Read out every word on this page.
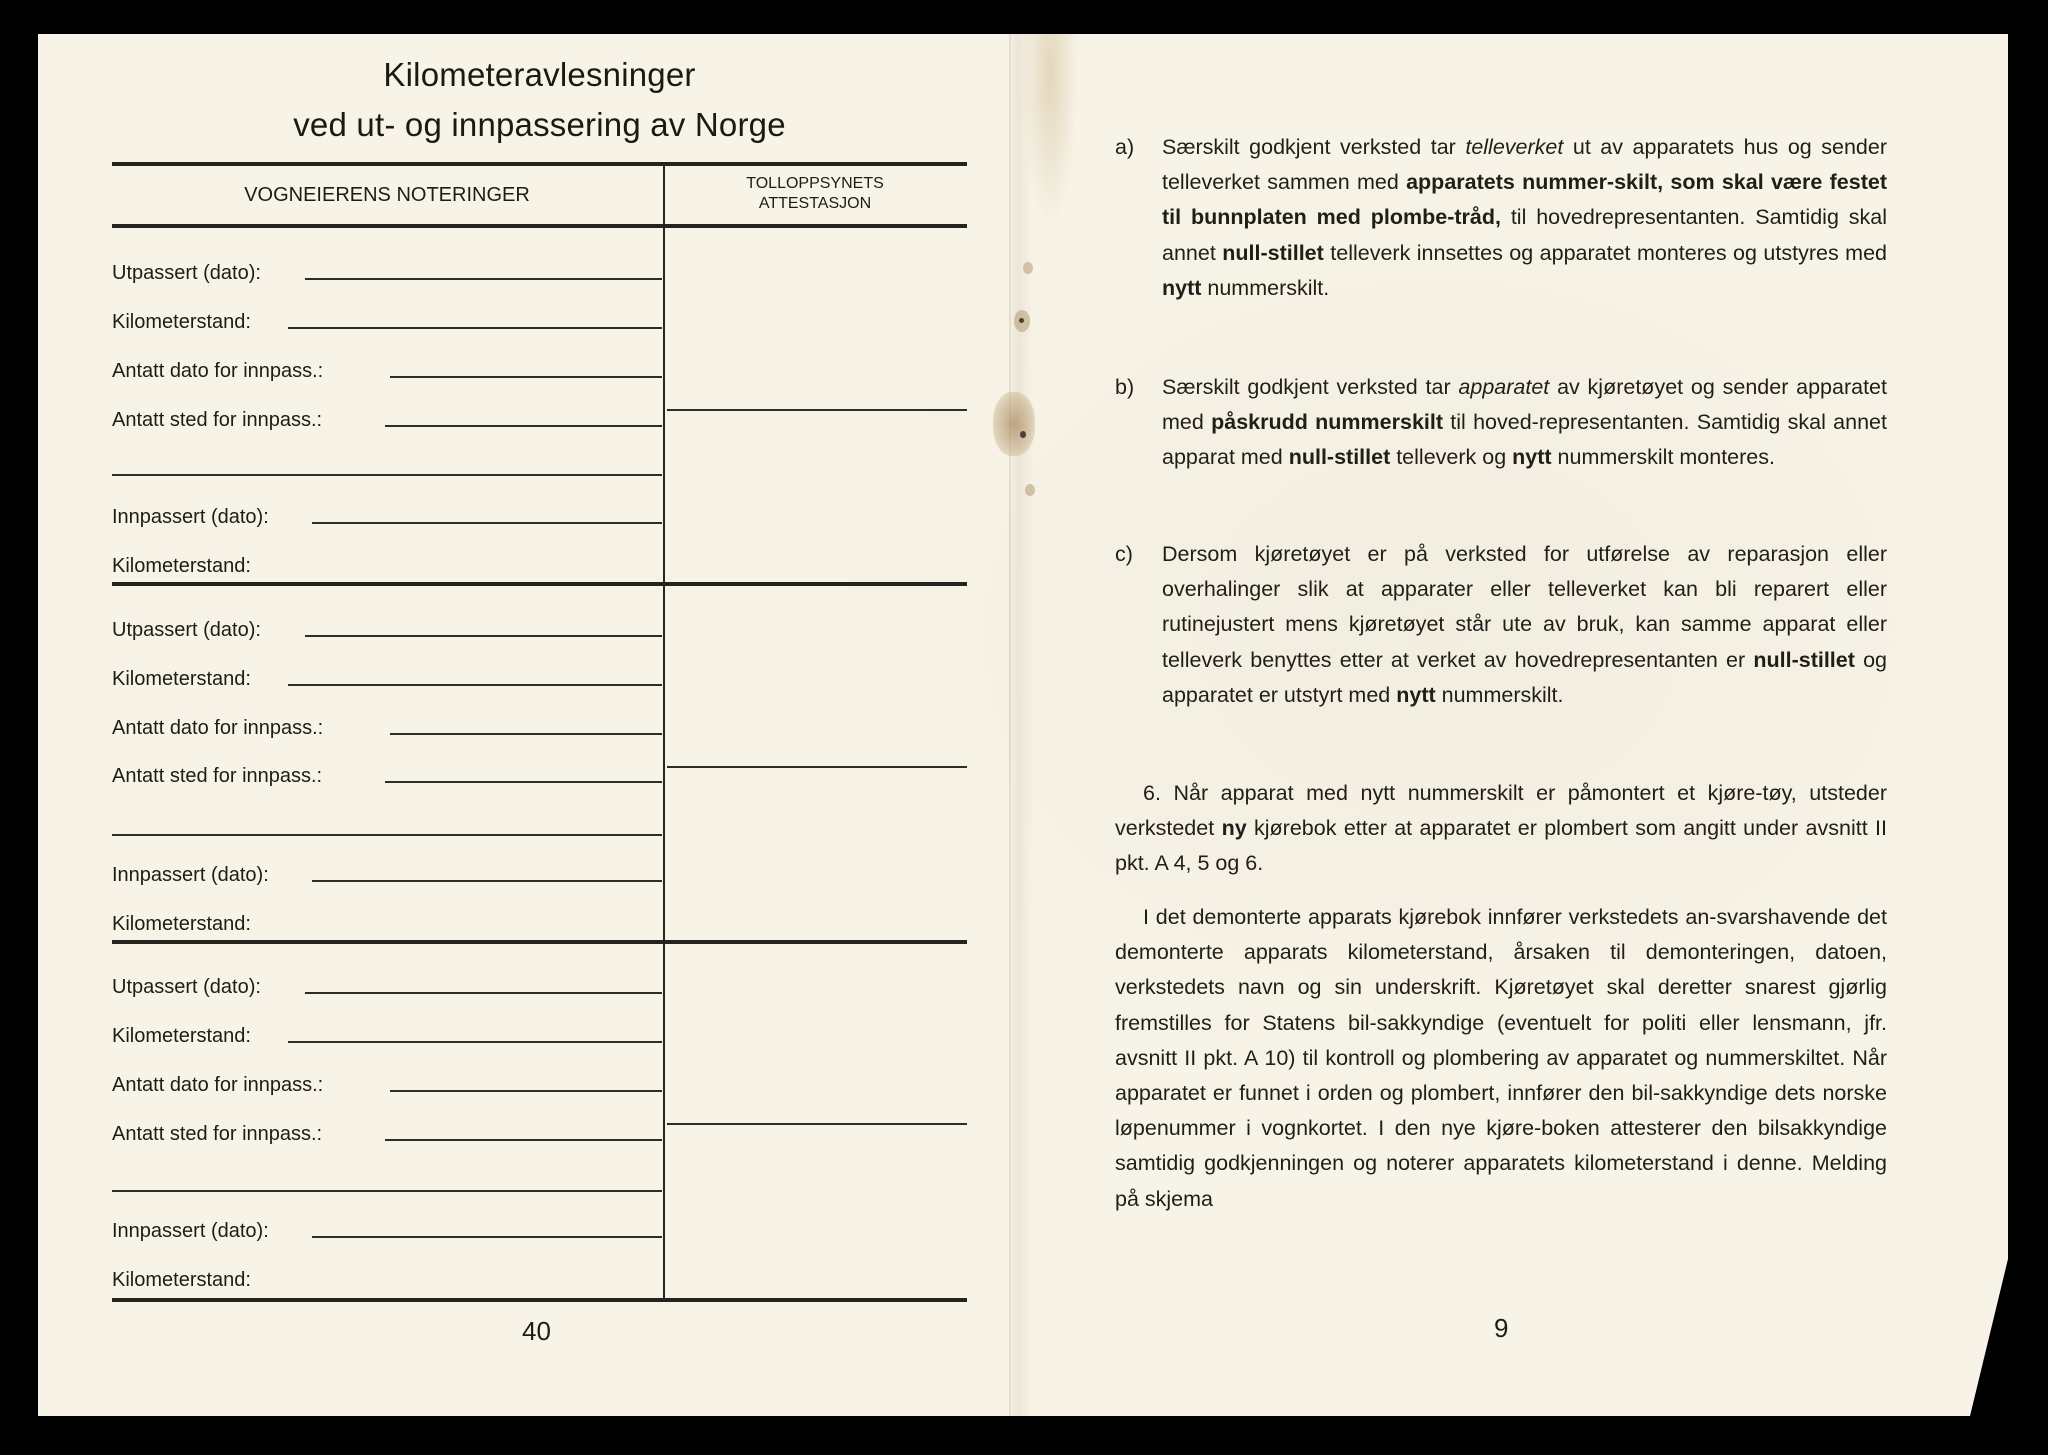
Kilometeravlesninger
ved ut- og innpassering av Norge
VOGNEIERENS NOTERINGER
TOLLOPPSYNETS
ATTESTASJON
Utpassert (dato):
Kilometerstand:
Antatt dato for innpass.:
Antatt sted for innpass.:
Innpassert (dato):
Kilometerstand:
Utpassert (dato):
Kilometerstand:
Antatt dato for innpass.:
Antatt sted for innpass.:
Innpassert (dato):
Kilometerstand:
Utpassert (dato):
Kilometerstand:
Antatt dato for innpass.:
Antatt sted for innpass.:
Innpassert (dato):
Kilometerstand:
40
a) Særskilt godkjent verksted tar telleverket ut av apparatets hus og sender telleverket sammen med apparatets nummer-skilt, som skal være festet til bunnplaten med plombe-tråd, til hovedrepresentanten. Samtidig skal annet null-stillet telleverk innsettes og apparatet monteres og utstyres med nytt nummerskilt.
b) Særskilt godkjent verksted tar apparatet av kjøretøyet og sender apparatet med påskrudd nummerskilt til hoved-representanten. Samtidig skal annet apparat med null-stillet telleverk og nytt nummerskilt monteres.
c) Dersom kjøretøyet er på verksted for utførelse av reparasjon eller overhalinger slik at apparater eller telleverket kan bli reparert eller rutinejustert mens kjøretøyet står ute av bruk, kan samme apparat eller telleverk benyttes etter at verket av hovedrepresentanten er null-stillet og apparatet er utstyrt med nytt nummerskilt.
6. Når apparat med nytt nummerskilt er påmontert et kjøre-tøy, utsteder verkstedet ny kjørebok etter at apparatet er plombert som angitt under avsnitt II pkt. A 4, 5 og 6.
I det demonterte apparats kjørebok innfører verkstedets an-svarshavende det demonterte apparats kilometerstand, årsaken til demonteringen, datoen, verkstedets navn og sin underskrift. Kjøretøyet skal deretter snarest gjørlig fremstilles for Statens bil-sakkyndige (eventuelt for politi eller lensmann, jfr. avsnitt II pkt. A 10) til kontroll og plombering av apparatet og nummerskiltet. Når apparatet er funnet i orden og plombert, innfører den bil-sakkyndige dets norske løpenummer i vognkortet. I den nye kjøre-boken attesterer den bilsakkyndige samtidig godkjenningen og noterer apparatets kilometerstand i denne. Melding på skjema
9
